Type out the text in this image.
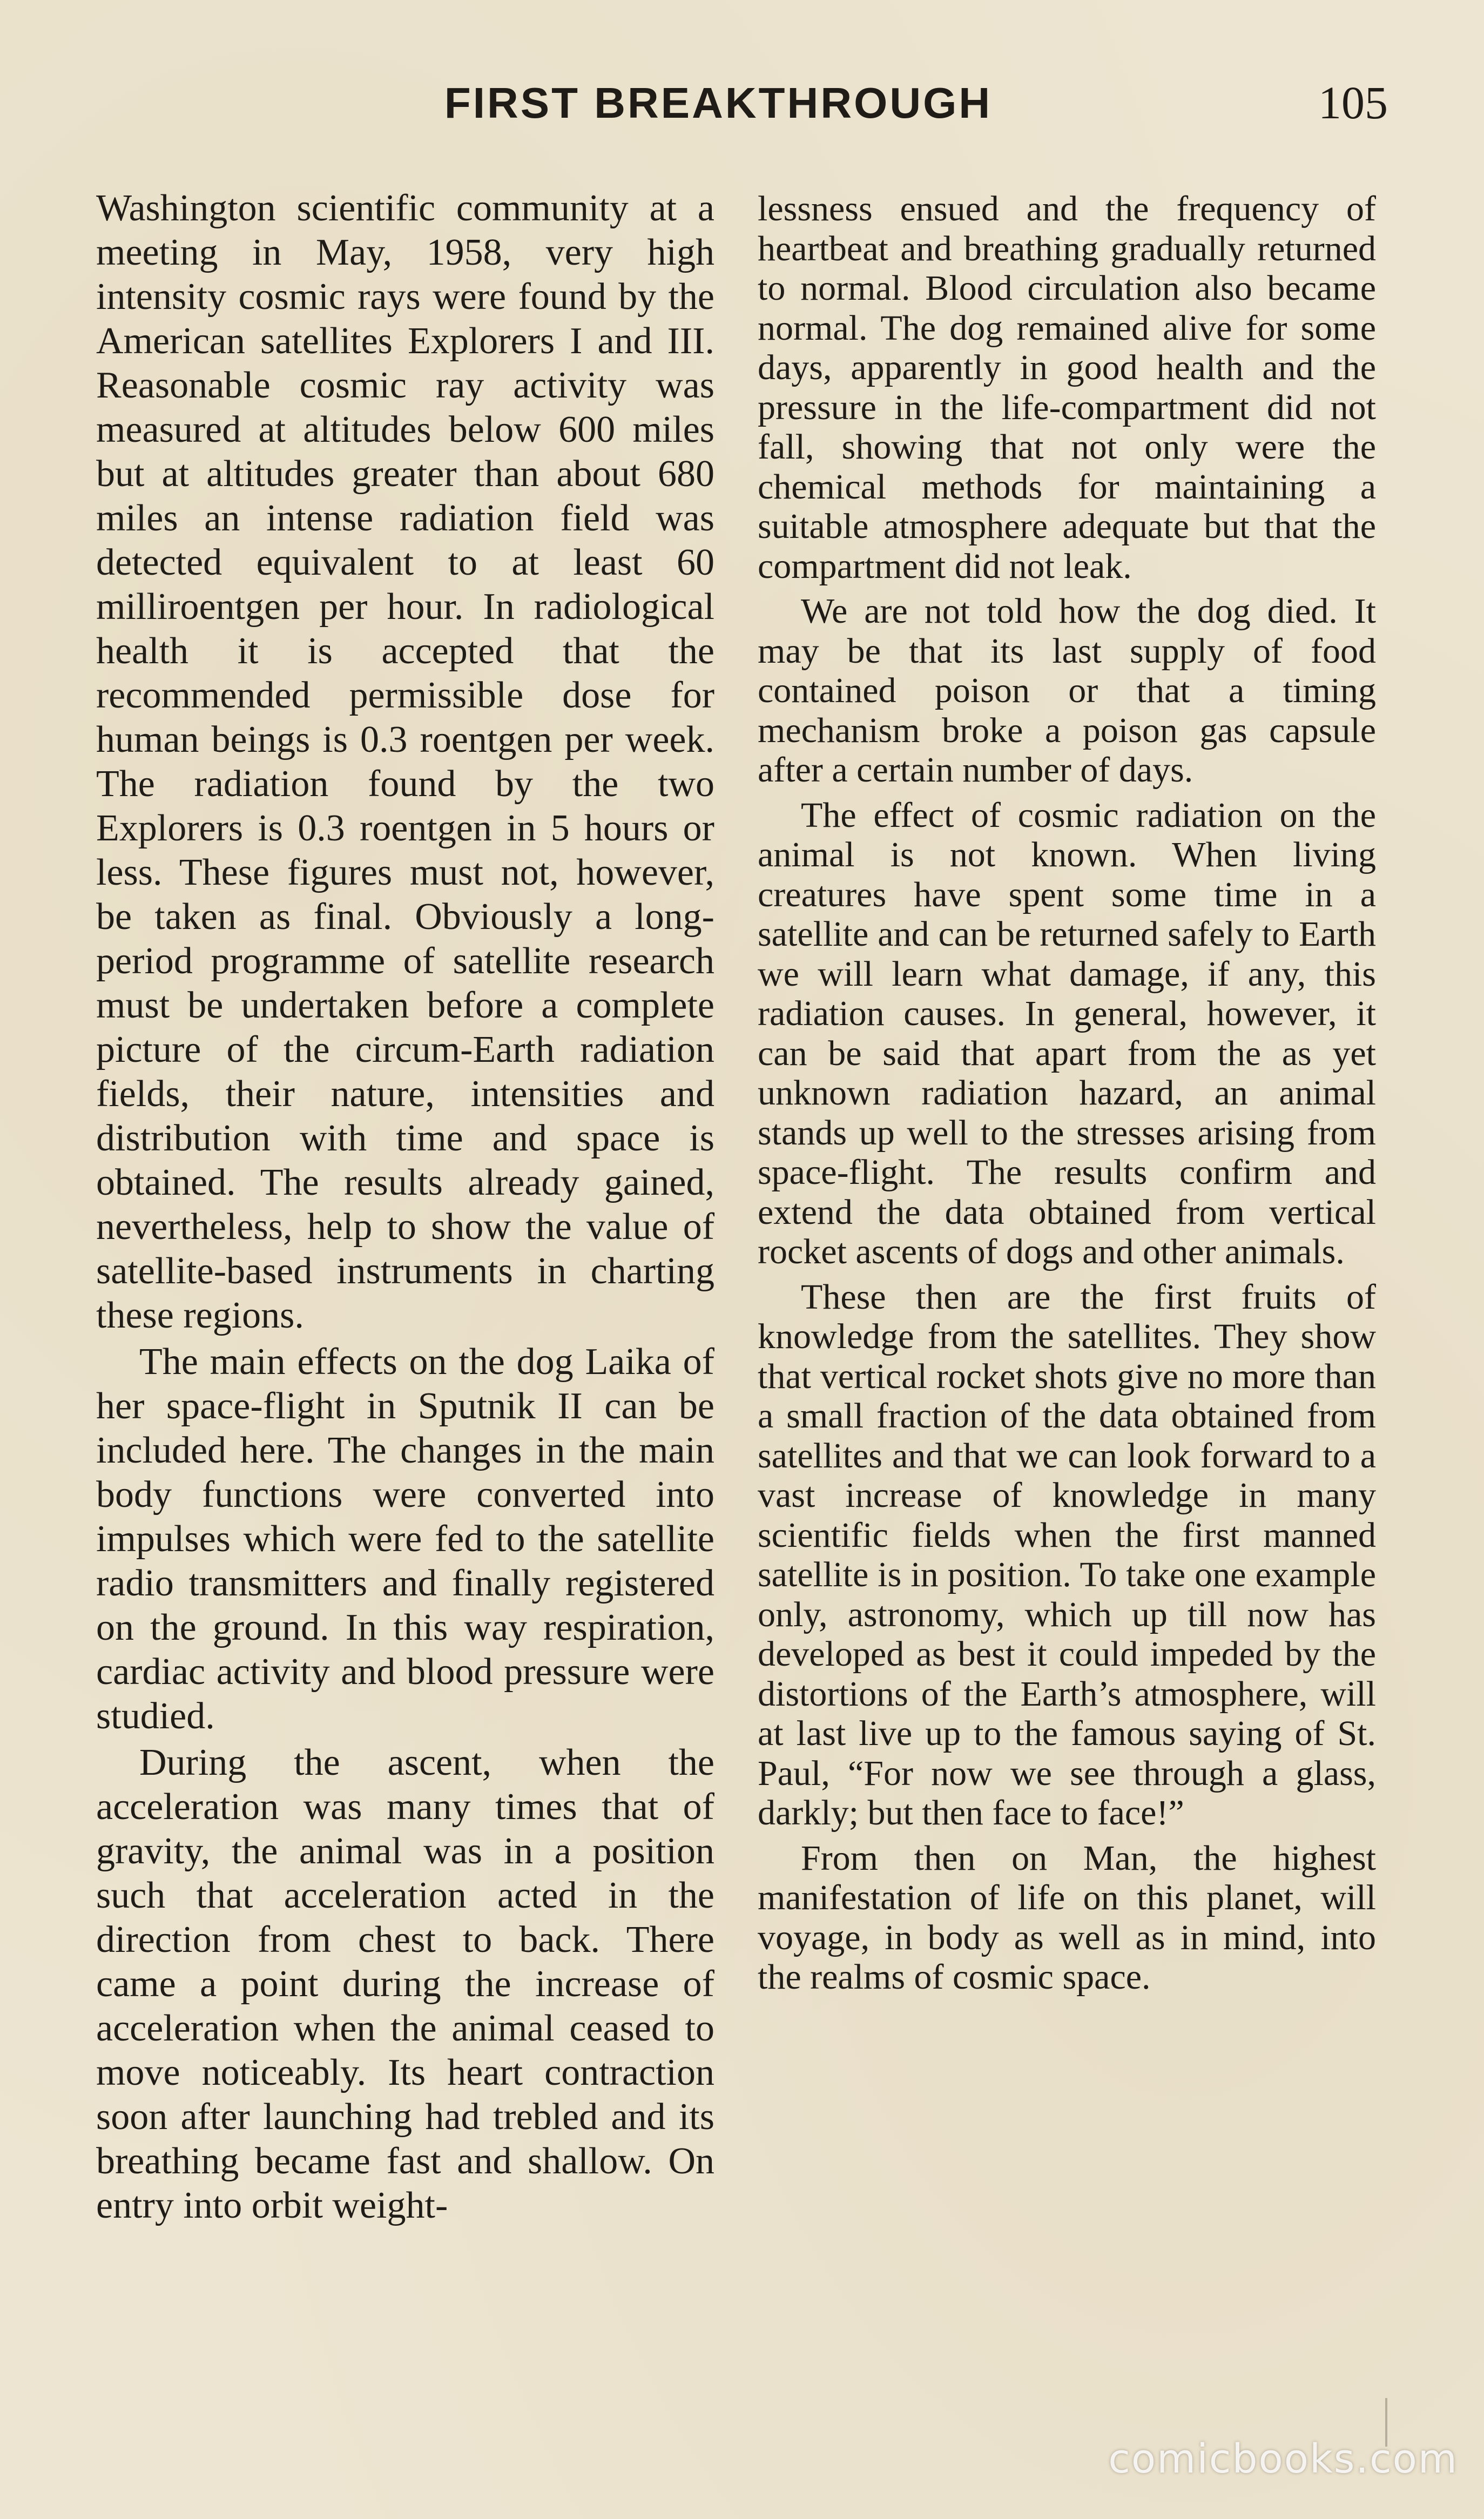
FIRST BREAKTHROUGH	105

Washington scientific community at a meeting in May, 1958, very high intensity cosmic rays were found by the American satellites Explorers I and III. Reasonable cosmic ray activity was measured at altitudes below 600 miles but at altitudes greater than about 680 miles an intense radiation field was detected equivalent to at least 60 milliroentgen per hour. In radiological health it is accepted that the recommended permissible dose for human beings is 0.3 roentgen per week. The radiation found by the two Explorers is 0.3 roentgen in 5 hours or less. These figures must not, however, be taken as final. Obviously a long-period programme of satellite research must be undertaken before a complete picture of the circum-Earth radiation fields, their nature, intensities and distribution with time and space is obtained. The results already gained, nevertheless, help to show the value of satellite-based instruments in charting these regions.

The main effects on the dog Laika of her space-flight in Sputnik II can be included here. The changes in the main body functions were converted into impulses which were fed to the satellite radio transmitters and finally registered on the ground. In this way respiration, cardiac activity and blood pressure were studied.

During the ascent, when the acceleration was many times that of gravity, the animal was in a position such that acceleration acted in the direction from chest to back. There came a point during the increase of acceleration when the animal ceased to move noticeably. Its heart contraction soon after launching had trebled and its breathing became fast and shallow. On entry into orbit weight-

lessness ensued and the frequency of heartbeat and breathing gradually returned to normal. Blood circulation also became normal. The dog remained alive for some days, apparently in good health and the pressure in the life-compartment did not fall, showing that not only were the chemical methods for maintaining a suitable atmosphere adequate but that the compartment did not leak.

We are not told how the dog died. It may be that its last supply of food contained poison or that a timing mechanism broke a poison gas capsule after a certain number of days.

The effect of cosmic radiation on the animal is not known. When living creatures have spent some time in a satellite and can be returned safely to Earth we will learn what damage, if any, this radiation causes. In general, however, it can be said that apart from the as yet unknown radiation hazard, an animal stands up well to the stresses arising from space-flight. The results confirm and extend the data obtained from vertical rocket ascents of dogs and other animals.

These then are the first fruits of knowledge from the satellites. They show that vertical rocket shots give no more than a small fraction of the data obtained from satellites and that we can look forward to a vast increase of knowledge in many scientific fields when the first manned satellite is in position. To take one example only, astronomy, which up till now has developed as best it could impeded by the distortions of the Earth’s atmosphere, will at last live up to the famous saying of St. Paul, “For now we see through a glass, darkly; but then face to face!”

From then on Man, the highest manifestation of life on this planet, will voyage, in body as well as in mind, into the realms of cosmic space.

comicbooks.com
